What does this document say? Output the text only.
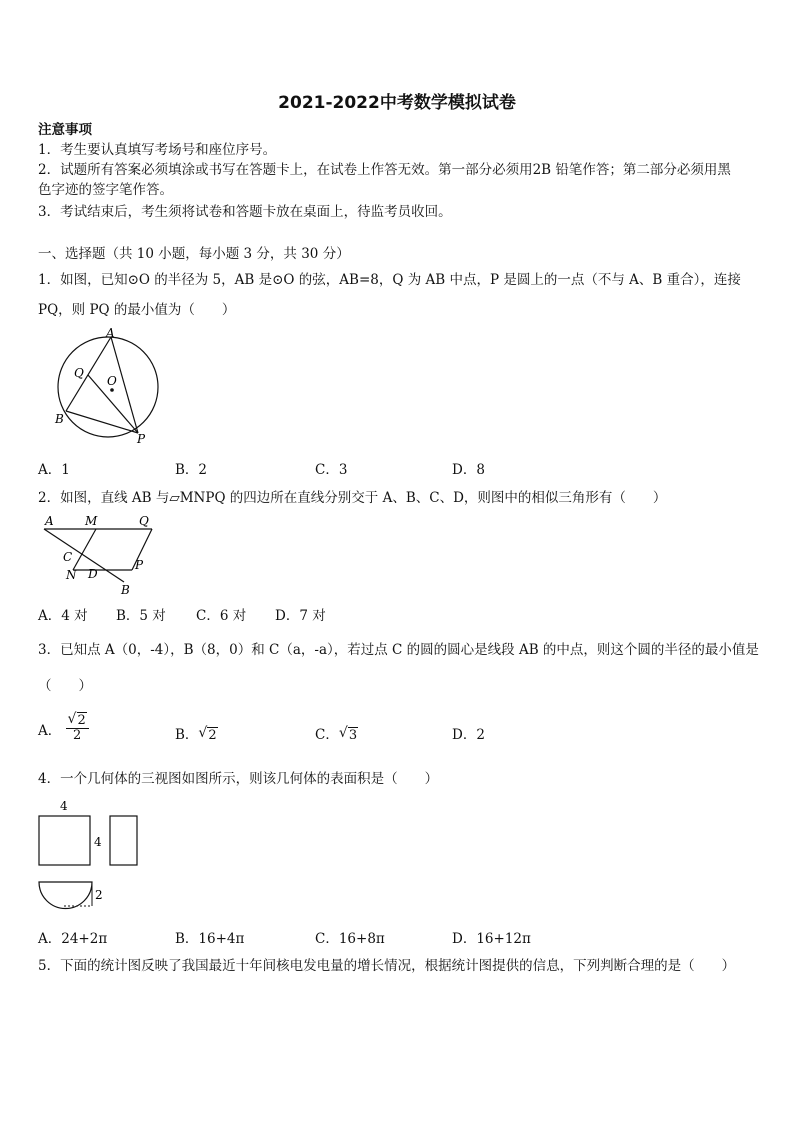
2021-2022中考数学模拟试卷
注意事项
1．考生要认真填写考场号和座位序号。
2．试题所有答案必须填涂或书写在答题卡上，在试卷上作答无效。第一部分必须用2B 铅笔作答；第二部分必须用黑
色字迹的签字笔作答。
3．考试结束后，考生须将试卷和答题卡放在桌面上，待监考员收回。
一、选择题（共 10 小题，每小题 3 分，共 30 分）
1．如图，已知⊙O 的半径为 5，AB 是⊙O 的弦，AB=8，Q 为 AB 中点，P 是圆上的一点（不与 A、B 重合），连接
PQ，则 PQ 的最小值为（　　）
A
Q
O
B
P
A．1	B．2	C．3	D．8
2．如图，直线 AB 与▱MNPQ 的四边所在直线分别交于 A、B、C、D，则图中的相似三角形有（　　）
A	M	Q
C
N D
P
B
A．4 对 B．5 对 C．6 对 D．7 对
3．已知点 A（0，-4），B（8，0）和 C（a，-a），若过点 C 的圆的圆心是线段 AB 的中点，则这个圆的半径的最小值是
（　　）
A． $\frac{√ 2}{2}$	B． √ 2	C． √ 3	D．2
4．一个几何体的三视图如图所示，则该几何体的表面积是（　　）
4
4
2
A．24+2π	B．16+4π	C．16+8π	D．16+12π
5．下面的统计图反映了我国最近十年间核电发电量的增长情况，根据统计图提供的信息，下列判断合理的是（　　）
